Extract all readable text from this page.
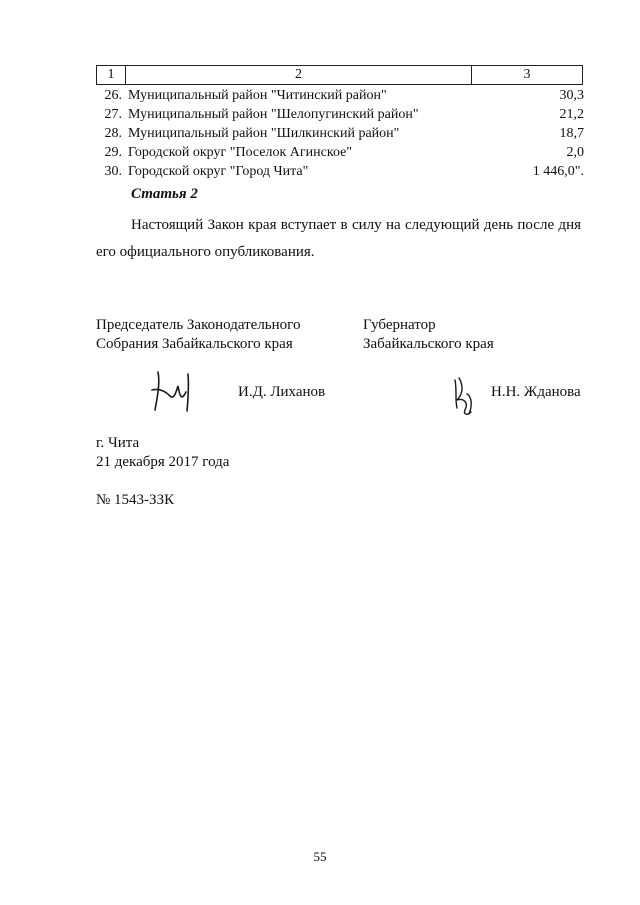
1	2	3
26. Муниципальный район "Читинский район"	30,3
27. Муниципальный район "Шелопугинский район"	21,2
28. Муниципальный район "Шилкинский район"	18,7
29. Городской округ "Поселок Агинское"	2,0
30. Городской округ "Город Чита"	1 446,0".
Статья 2
Настоящий Закон края вступает в силу на следующий день после дня его официального опубликования.
Председатель Законодательного
Собрания Забайкальского края
Губернатор
Забайкальского края
И.Д. Лиханов	Н.Н. Жданова
г. Чита
21 декабря 2017 года
№ 1543-ЗЗК
55
